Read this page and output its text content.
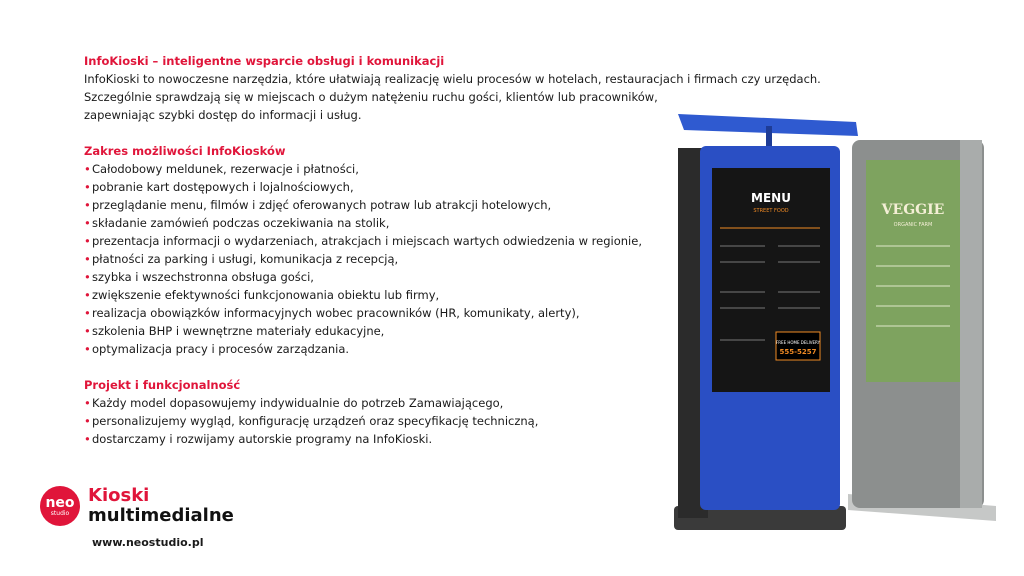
InfoKioski – inteligentne wsparcie obsługi i komunikacji

InfoKioski to nowoczesne narzędzia, które ułatwiają realizację wielu procesów w hotelach, restauracjach i firmach czy urzędach.

Szczególnie sprawdzają się w miejscach o dużym natężeniu ruchu gości, klientów lub pracowników,

zapewniając szybki dostęp do informacji i usług.

Zakres możliwości InfoKiosków

• Całodobowy meldunek, rezerwacje i płatności,
• pobranie kart dostępowych i lojalnościowych,
• przeglądanie menu, filmów i zdjęć oferowanych potraw lub atrakcji hotelowych,
• składanie zamówień podczas oczekiwania na stolik,
• prezentacja informacji o wydarzeniach, atrakcjach i miejscach wartych odwiedzenia w regionie,
• płatności za parking i usługi, komunikacja z recepcją,
• szybka i wszechstronna obsługa gości,
• zwiększenie efektywności funkcjonowania obiektu lub firmy,
• realizacja obowiązków informacyjnych wobec pracowników (HR, komunikaty, alerty),
• szkolenia BHP i wewnętrzne materiały edukacyjne,
• optymalizacja pracy i procesów zarządzania.

Projekt i funkcjonalność

• Każdy model dopasowujemy indywidualnie do potrzeb Zamawiającego,
• personalizujemy wygląd, konfigurację urządzeń oraz specyfikację techniczną,
• dostarczamy i rozwijamy autorskie programy na InfoKioski.
neo
studio
Kioski
multimedialne
www.neostudio.pl
VEGGIE
ORGANIC FARM
MENU
STREET FOOD
FREE HOME DELIVERY
555-5257
